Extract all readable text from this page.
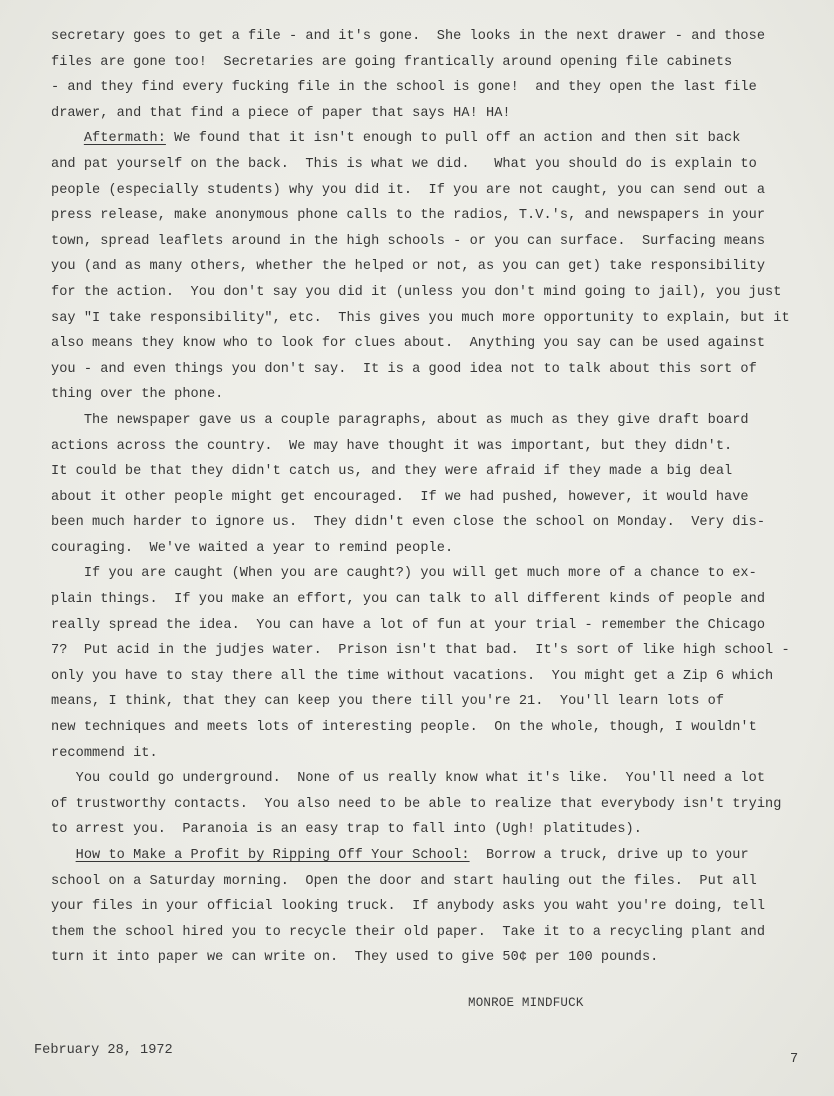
secretary goes to get a file - and it's gone.  She looks in the next drawer - and those
files are gone too!  Secretaries are going frantically around opening file cabinets
- and they find every fucking file in the school is gone!  and they open the last file
drawer, and that find a piece of paper that says HA! HA!
Aftermath: We found that it isn't enough to pull off an action and then sit back
and pat yourself on the back.  This is what we did.   What you should do is explain to
people (especially students) why you did it.  If you are not caught, you can send out a
press release, make anonymous phone calls to the radios, T.V.'s, and newspapers in your
town, spread leaflets around in the high schools - or you can surface.  Surfacing means
you (and as many others, whether the helped or not, as you can get) take responsibility
for the action.  You don't say you did it (unless you don't mind going to jail), you just
say "I take responsibility", etc.  This gives you much more opportunity to explain, but it
also means they know who to look for clues about.  Anything you say can be used against
you - and even things you don't say.  It is a good idea not to talk about this sort of
thing over the phone.
The newspaper gave us a couple paragraphs, about as much as they give draft board
actions across the country.  We may have thought it was important, but they didn't.
It could be that they didn't catch us, and they were afraid if they made a big deal
about it other people might get encouraged.  If we had pushed, however, it would have
been much harder to ignore us.  They didn't even close the school on Monday.  Very dis-
couraging.  We've waited a year to remind people.
If you are caught (When you are caught?) you will get much more of a chance to ex-
plain things.  If you make an effort, you can talk to all different kinds of people and
really spread the idea.  You can have a lot of fun at your trial - remember the Chicago
7?  Put acid in the judjes water.  Prison isn't that bad.  It's sort of like high school -
only you have to stay there all the time without vacations.  You might get a Zip 6 which
means, I think, that they can keep you there till you're 21.  You'll learn lots of
new techniques and meets lots of interesting people.  On the whole, though, I wouldn't
recommend it.
You could go underground.  None of us really know what it's like.  You'll need a lot
of trustworthy contacts.  You also need to be able to realize that everybody isn't trying
to arrest you.  Paranoia is an easy trap to fall into (Ugh! platitudes).
How to Make a Profit by Ripping Off Your School:  Borrow a truck, drive up to your
school on a Saturday morning.  Open the door and start hauling out the files.  Put all
your files in your official looking truck.  If anybody asks you waht you're doing, tell
them the school hired you to recycle their old paper.  Take it to a recycling plant and
turn it into paper we can write on.  They used to give 50¢ per 100 pounds.
MONROE MINDFUCK
February 28, 1972
7
